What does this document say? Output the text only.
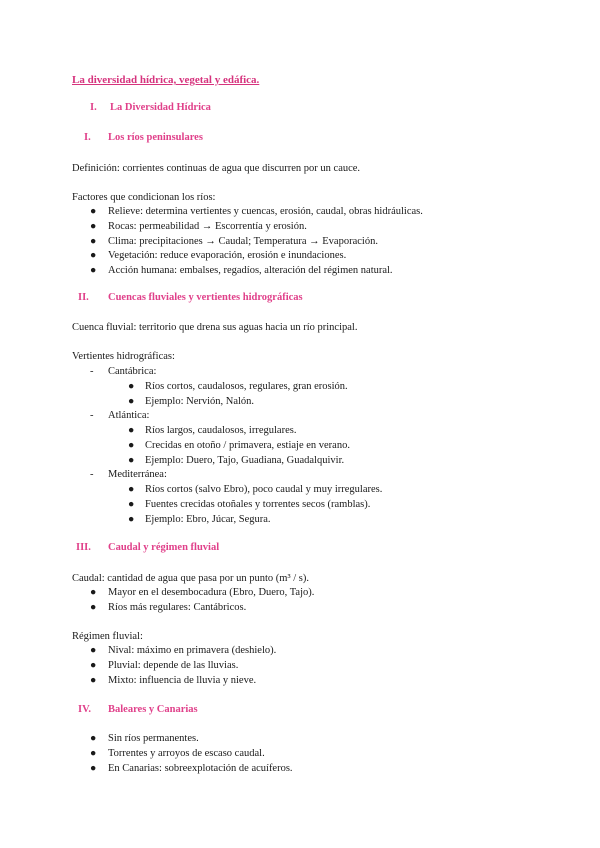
La diversidad hídrica, vegetal y edáfica.
I. La Diversidad Hídrica
I. Los ríos peninsulares
Definición: corrientes continuas de agua que discurren por un cauce.
Factores que condicionan los ríos:
● Relieve: determina vertientes y cuencas, erosión, caudal, obras hidráulicas.
● Rocas: permeabilidad → Escorrentía y erosión.
● Clima: precipitaciones → Caudal; Temperatura → Evaporación.
● Vegetación: reduce evaporación, erosión e inundaciones.
● Acción humana: embalses, regadíos, alteración del régimen natural.
II. Cuencas fluviales y vertientes hidrográficas
Cuenca fluvial: territorio que drena sus aguas hacia un río principal.
Vertientes hidrográficas:
- Cantábrica:
● Ríos cortos, caudalosos, regulares, gran erosión.
● Ejemplo: Nervión, Nalón.
- Atlántica:
● Ríos largos, caudalosos, irregulares.
● Crecidas en otoño / primavera, estiaje en verano.
● Ejemplo: Duero, Tajo, Guadiana, Guadalquivir.
- Mediterránea:
● Ríos cortos (salvo Ebro), poco caudal y muy irregulares.
● Fuentes crecidas otoñales y torrentes secos (ramblas).
● Ejemplo: Ebro, Júcar, Segura.
III. Caudal y régimen fluvial
Caudal: cantidad de agua que pasa por un punto (m³ / s).
● Mayor en el desembocadura (Ebro, Duero, Tajo).
● Ríos más regulares: Cantábricos.
Régimen fluvial:
● Nival: máximo en primavera (deshielo).
● Pluvial: depende de las lluvias.
● Mixto: influencia de lluvia y nieve.
IV. Baleares y Canarias
● Sin ríos permanentes.
● Torrentes y arroyos de escaso caudal.
● En Canarias: sobreexplotación de acuíferos.
